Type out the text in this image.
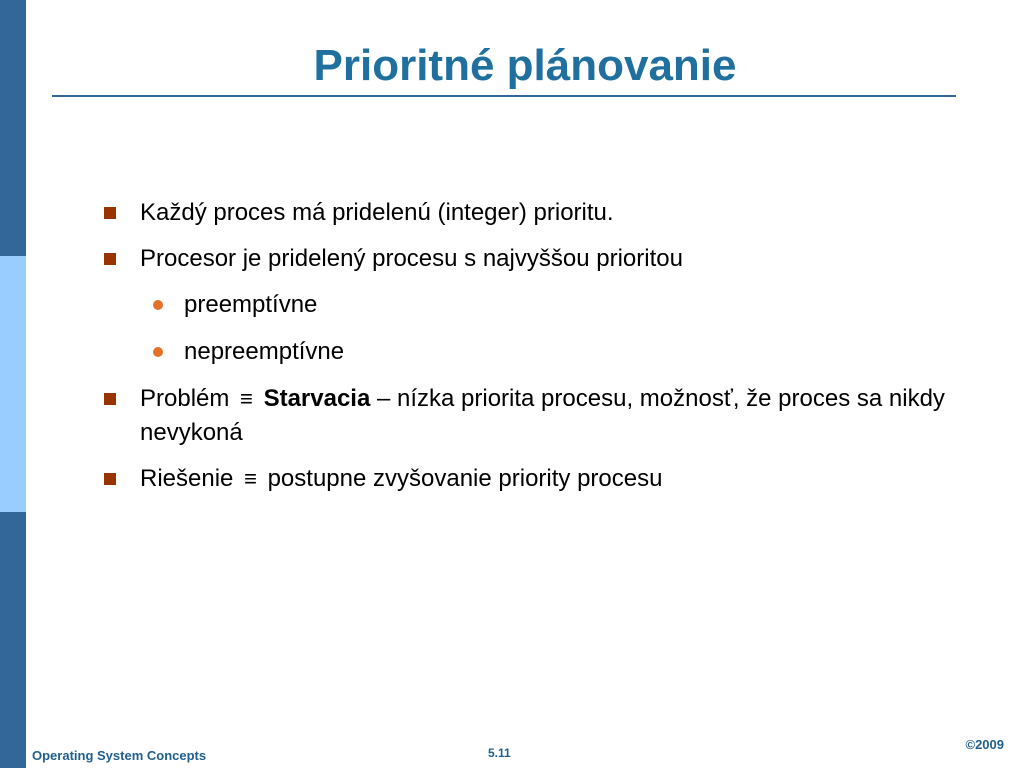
Prioritné plánovanie
Každý proces má pridelenú (integer) prioritu.
Procesor je pridelený procesu s najvyššou prioritou
preemptívne
nepreemptívne
Problém ≡ Starvacia – nízka priorita procesu, možnosť, že proces sa nikdy nevykoná
Riešenie ≡ postupne zvyšovanie priority procesu
Operating System Concepts	5.11
©2009
